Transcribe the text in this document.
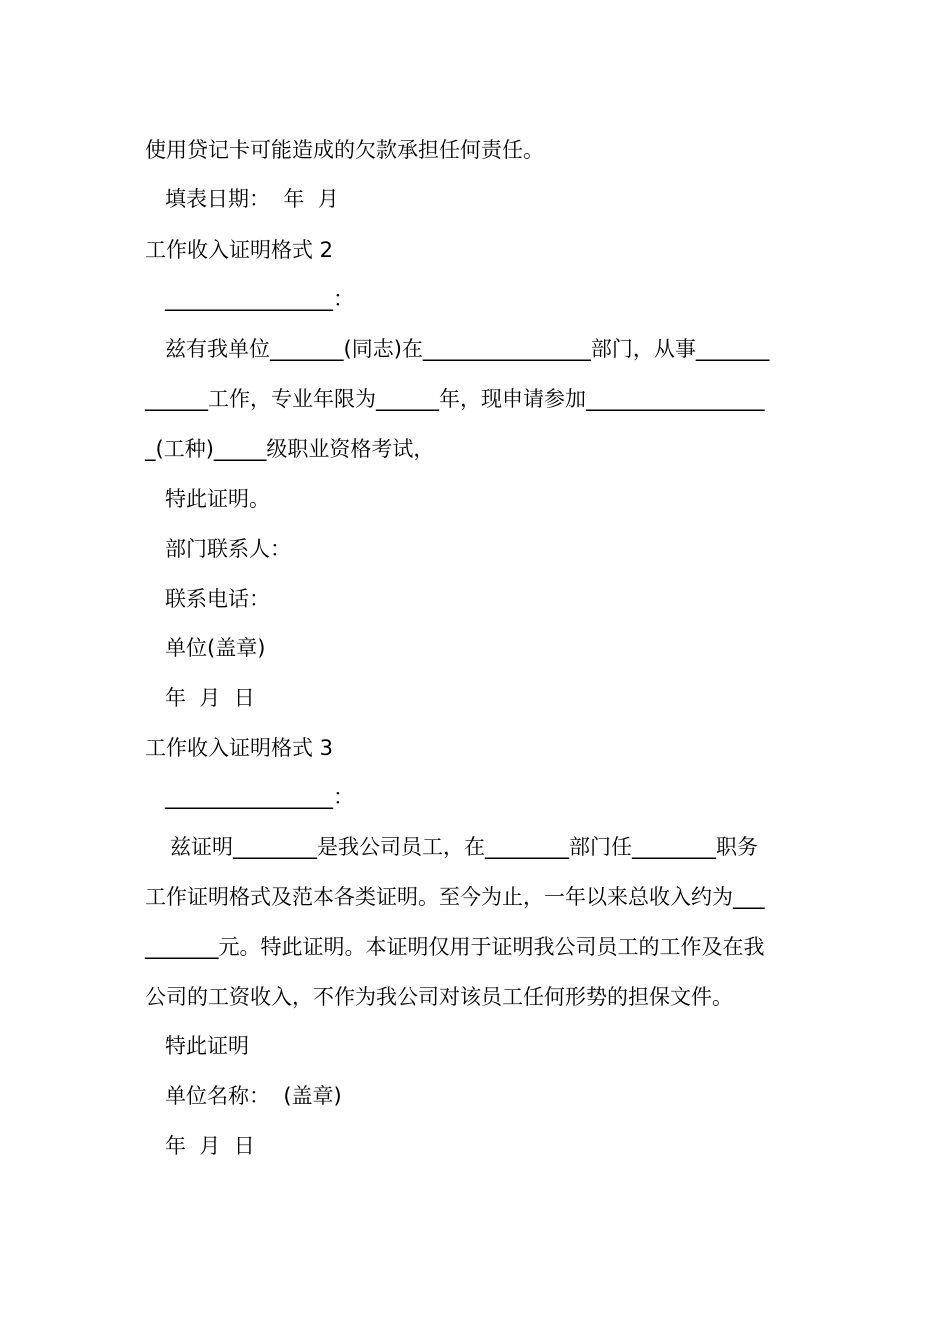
使用贷记卡可能造成的欠款承担任何责任。
填表日期：  年  月
工作收入证明格式 2
________________：
兹有我单位_______(同志)在________________部门，从事_______
______工作，专业年限为______年，现申请参加_________________
_(工种)_____级职业资格考试，
特此证明。
部门联系人：
联系电话：
单位(盖章)
年  月  日
工作收入证明格式 3
________________：
兹证明________是我公司员工，在________部门任________职务
工作证明格式及范本各类证明。至今为止，一年以来总收入约为___
_______元。特此证明。本证明仅用于证明我公司员工的工作及在我
公司的工资收入，不作为我公司对该员工任何形势的担保文件。
特此证明
单位名称：  (盖章)
年  月  日
